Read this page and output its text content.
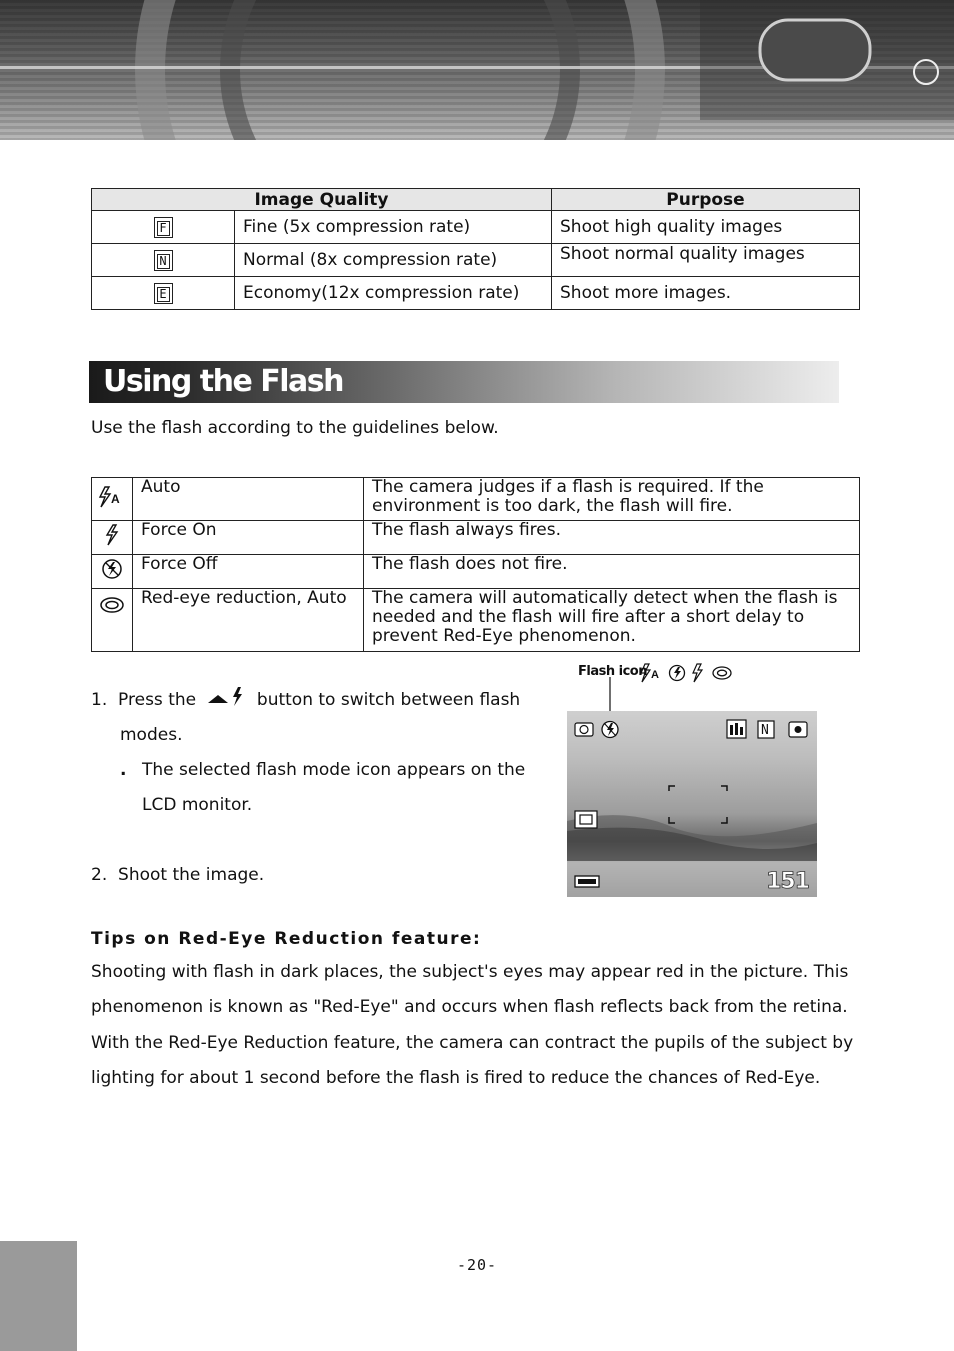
Image Quality		Purpose
F	Fine (5x compression rate)	Shoot high quality images
N	Normal (8x compression rate)	Shoot normal quality images
E	Economy(12x compression rate)	Shoot more images.
Using the Flash
Use the flash according to the guidelines below.
A	Auto	The camera judges if a flash is required. If the environment is too dark, the flash will fire.
	Force On	The flash always fires.
	Force Off	The flash does not fire.
	Red-eye reduction, Auto	The camera will automatically detect when the flash is needed and the flash will fire after a short delay to prevent Red-Eye phenomenon.

1. Press the	button to switch between flash

modes.

. The selected flash mode icon appears on the

LCD monitor.

2. Shoot the image.

Flash icon A
N
151
Tips on Red-Eye Reduction feature:
Shooting with flash in dark places, the subject's eyes may appear red in the picture. This
phenomenon is known as "Red-Eye" and occurs when flash reflects back from the retina.
With the Red-Eye Reduction feature, the camera can contract the pupils of the subject by
lighting for about 1 second before the flash is fired to reduce the chances of Red-Eye.
-20-
